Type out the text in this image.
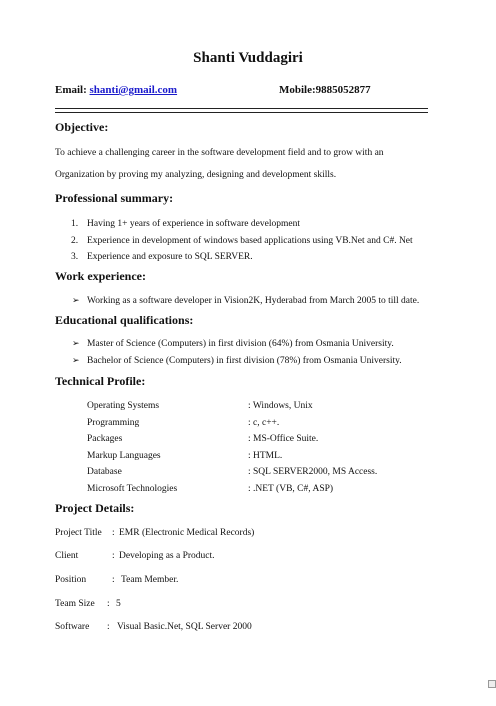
Shanti Vuddagiri
Email: shanti@gmail.com	Mobile:9885052877
Objective:
To achieve a challenging career in the software development field and to grow with an
Organization by proving my analyzing, designing and development skills.
Professional summary:
1. Having 1+ years of experience in software development
2. Experience in development of windows based applications using VB.Net and C#. Net
3. Experience and exposure to SQL SERVER.
Work experience:
➢ Working as a software developer in Vision2K, Hyderabad from March 2005 to till date.
Educational qualifications:
➢ Master of Science (Computers) in first division (64%) from Osmania University.
➢ Bachelor of Science (Computers) in first division (78%) from Osmania University.
Technical Profile:
Operating Systems	: Windows, Unix
Programming	: c, c++.
Packages	: MS-Office Suite.
Markup Languages	: HTML.
Database	: SQL SERVER2000, MS Access.
Microsoft Technologies	: .NET (VB, C#, ASP)
Project Details:
Project Title : EMR (Electronic Medical Records)
Client	: Developing as a Product.
Position	: Team Member.
Team Size : 5
Software : Visual Basic.Net, SQL Server 2000
